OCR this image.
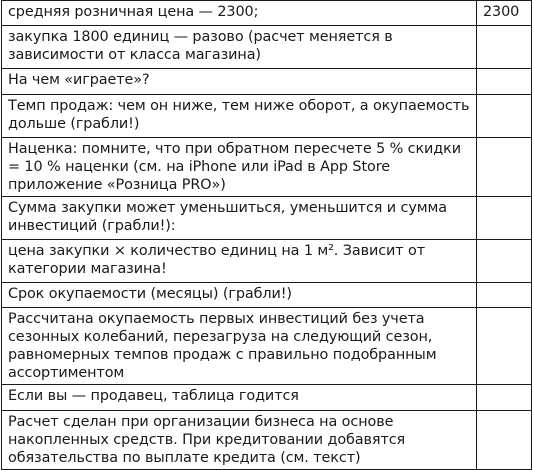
средняя розничная цена — 2300;	2300
закупка 1800 единиц — разово (расчет меняется в зависимости от класса магазина)	
На чем «играете»?	
Темп продаж: чем он ниже, тем ниже оборот, а окупаемость дольше (грабли!)	
Наценка: помните, что при обратном пересчете 5 % скидки = 10 % наценки (см. на iPhone или iPad в App Store приложение «Розница PRO»)	
Сумма закупки может уменьшиться, уменьшится и сумма инвестиций (грабли!):	
цена закупки × количество единиц на 1 м². Зависит от категории магазина!	
Срок окупаемости (месяцы) (грабли!)	
Рассчитана окупаемость первых инвестиций без учета сезонных колебаний, перезагруза на следующий сезон, равномерных темпов продаж с правильно подобранным ассортиментом	
Если вы — продавец, таблица годится	
Расчет сделан при организации бизнеса на основе накопленных средств. При кредитовании добавятся обязательства по выплате кредита (см. текст)	
